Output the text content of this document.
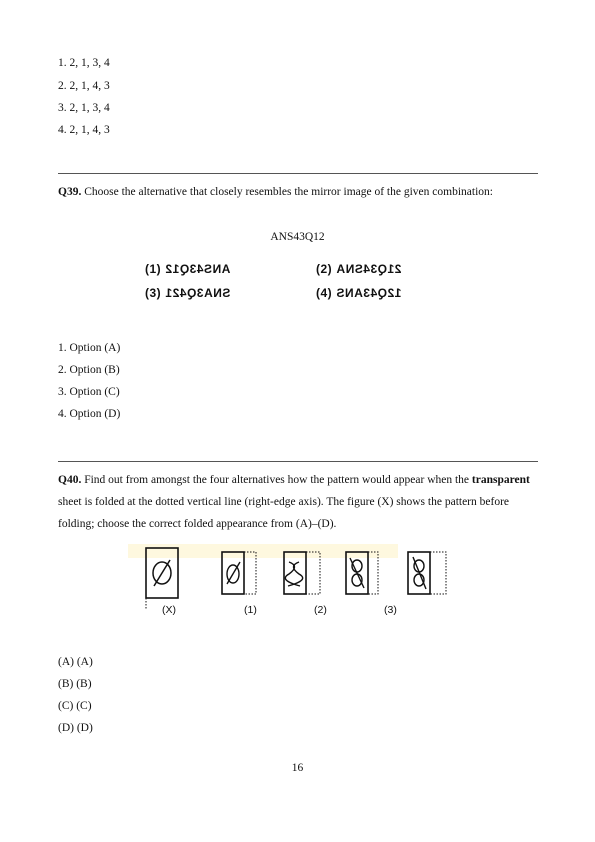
1. 2, 1, 3, 4
2. 2, 1, 4, 3
3. 2, 1, 3, 4
4. 2, 1, 4, 3
Q39. Choose the alternative that closely resembles the mirror image of the given combination:
ANS43Q12
(1) ANS43Q12	(2) 21Q34SNA
(3) SNA3Q421	(4) 12Q43ANS
1. Option (A)
2. Option (B)
3. Option (C)
4. Option (D)
Q40. Find out from amongst the four alternatives how the pattern would appear when the transparent sheet is folded at the dotted vertical line (right-edge axis). The figure (X) shows the pattern before folding; choose the correct folded appearance from (A)–(D).
(X)	(1)	(2)	(3)
(A) (A)
(B) (B)
(C) (C)
(D) (D)
16
